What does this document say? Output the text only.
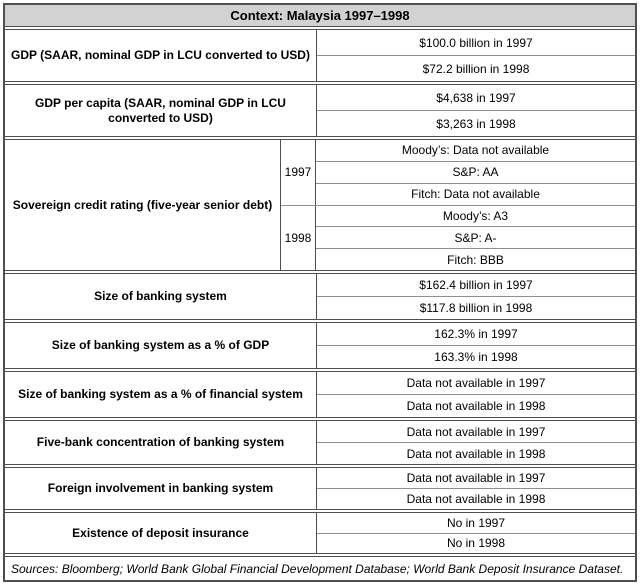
Context: Malaysia 1997–1998
GDP (SAAR, nominal GDP in LCU converted to USD)
$100.0 billion in 1997
$72.2 billion in 1998
GDP per capita (SAAR, nominal GDP in LCU converted to USD)
$4,638 in 1997
$3,263 in 1998
Sovereign credit rating (five-year senior debt)
1997
Moody’s: Data not available
S&P: AA
Fitch: Data not available
1998
Moody’s: A3
S&P: A-
Fitch: BBB
Size of banking system
$162.4 billion in 1997
$117.8 billion in 1998
Size of banking system as a % of GDP
162.3% in 1997
163.3% in 1998
Size of banking system as a % of financial system
Data not available in 1997
Data not available in 1998
Five-bank concentration of banking system
Data not available in 1997
Data not available in 1998
Foreign involvement in banking system
Data not available in 1997
Data not available in 1998
Existence of deposit insurance
No in 1997
No in 1998
Sources: Bloomberg; World Bank Global Financial Development Database; World Bank Deposit Insurance Dataset.
